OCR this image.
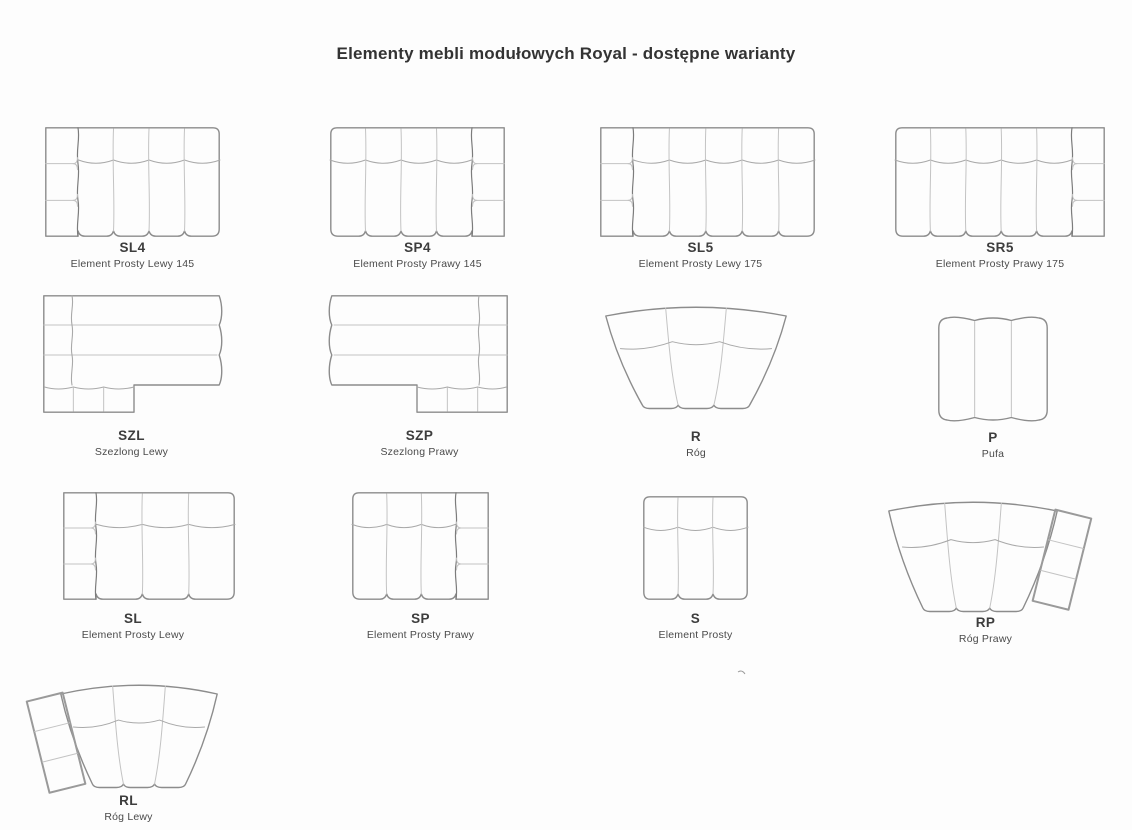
Elementy mebli modułowych Royal - dostępne warianty
SL4
Element Prosty Lewy 145
SP4
Element Prosty Prawy 145
SL5
Element Prosty Lewy 175
SR5
Element Prosty Prawy 175
SZL
Szezlong Lewy
SZP
Szezlong Prawy
R
Róg
P
Pufa
SL
Element Prosty Lewy
SP
Element Prosty Prawy
S
Element Prosty
RP
Róg Prawy
RL
Róg Lewy
